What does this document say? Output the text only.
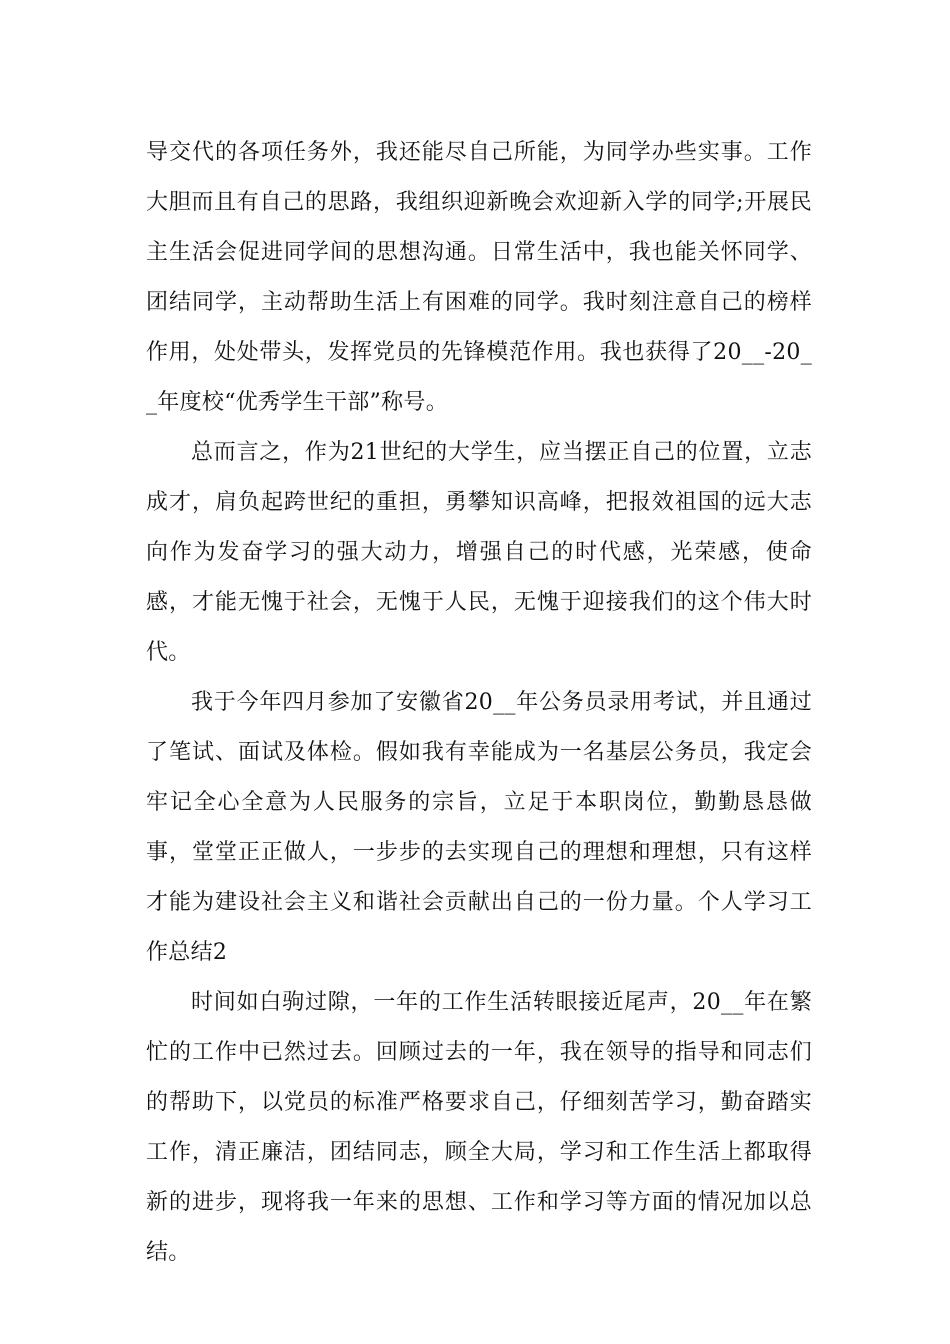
导交代的各项任务外，我还能尽自己所能，为同学办些实事。工作大胆而且有自己的思路，我组织迎新晚会欢迎新入学的同学;开展民主生活会促进同学间的思想沟通。日常生活中，我也能关怀同学、团结同学，主动帮助生活上有困难的同学。我时刻注意自己的榜样作用，处处带头，发挥党员的先锋模范作用。我也获得了20__-20__年度校“优秀学生干部”称号。

总而言之，作为21世纪的大学生，应当摆正自己的位置，立志成才，肩负起跨世纪的重担，勇攀知识高峰，把报效祖国的远大志向作为发奋学习的强大动力，增强自己的时代感，光荣感，使命感，才能无愧于社会，无愧于人民，无愧于迎接我们的这个伟大时代。

我于今年四月参加了安徽省20__年公务员录用考试，并且通过了笔试、面试及体检。假如我有幸能成为一名基层公务员，我定会牢记全心全意为人民服务的宗旨，立足于本职岗位，勤勤恳恳做事，堂堂正正做人，一步步的去实现自己的理想和理想，只有这样才能为建设社会主义和谐社会贡献出自己的一份力量。个人学习工作总结2

时间如白驹过隙，一年的工作生活转眼接近尾声，20__年在繁忙的工作中已然过去。回顾过去的一年，我在领导的指导和同志们的帮助下，以党员的标准严格要求自己，仔细刻苦学习，勤奋踏实工作，清正廉洁，团结同志，顾全大局，学习和工作生活上都取得新的进步，现将我一年来的思想、工作和学习等方面的情况加以总结。
